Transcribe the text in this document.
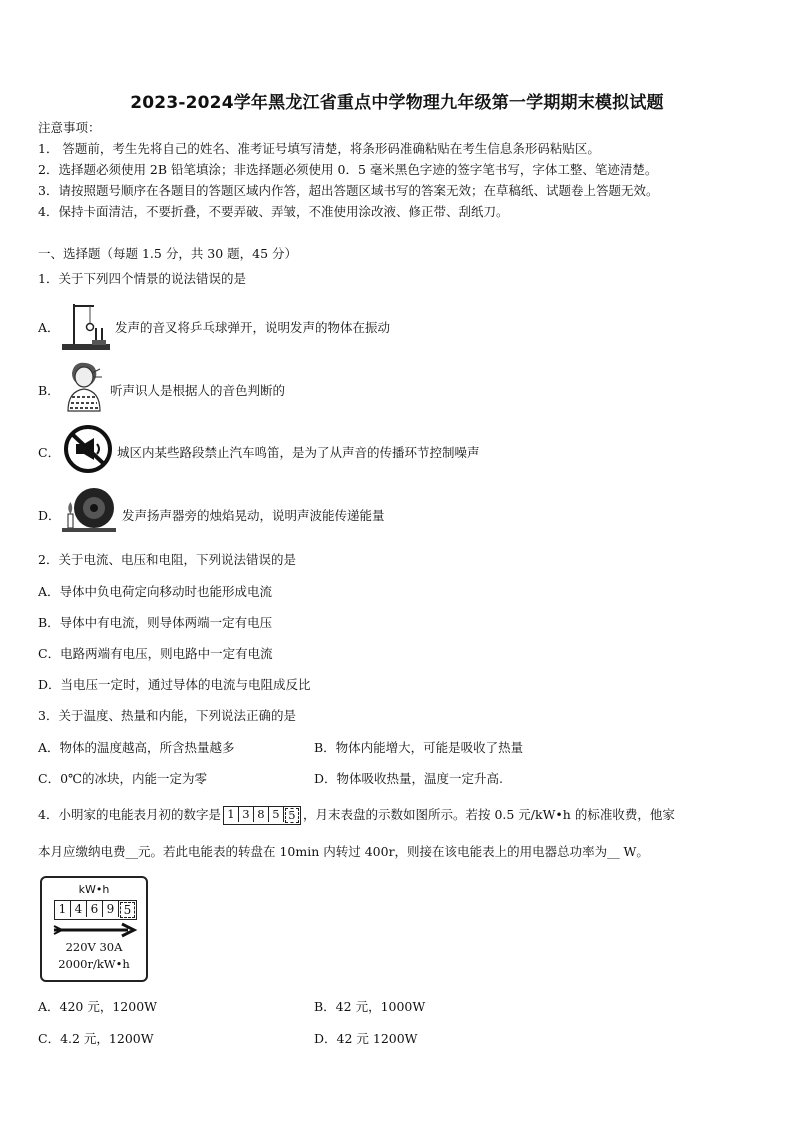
2023-2024学年黑龙江省重点中学物理九年级第一学期期末模拟试题
注意事项：
1． 答题前，考生先将自己的姓名、准考证号填写清楚，将条形码准确粘贴在考生信息条形码粘贴区。
2．选择题必须使用 2B 铅笔填涂；非选择题必须使用 0．5 毫米黑色字迹的签字笔书写，字体工整、笔迹清楚。
3．请按照题号顺序在各题目的答题区域内作答，超出答题区域书写的答案无效；在草稿纸、试题卷上答题无效。
4．保持卡面清洁，不要折叠，不要弄破、弄皱，不准使用涂改液、修正带、刮纸刀。
一、选择题（每题 1.5 分，共 30 题，45 分）
1．关于下列四个情景的说法错误的是
A．	发声的音叉将乒乓球弹开，说明发声的物体在振动
B．	听声识人是根据人的音色判断的
C．	城区内某些路段禁止汽车鸣笛，是为了从声音的传播环节控制噪声
D．	发声扬声器旁的烛焰晃动，说明声波能传递能量
2．关于电流、电压和电阻，下列说法错误的是
A．导体中负电荷定向移动时也能形成电流
B．导体中有电流，则导体两端一定有电压
C．电路两端有电压，则电路中一定有电流
D．当电压一定时，通过导体的电流与电阻成反比
3．关于温度、热量和内能，下列说法正确的是
A．物体的温度越高，所含热量越多	B．物体内能增大，可能是吸收了热量
C．0℃的冰块，内能一定为零	D．物体吸收热量，温度一定升高.
4．小明家的电能表月初的数字是 1 3 8 5 5 ，月末表盘的示数如图所示。若按 0.5 元/kW•h 的标准收费，他家
本月应缴纳电费__元。若此电能表的转盘在 10min 内转过 400r，则接在该电能表上的用电器总功率为__ W。
kW•h
1 4 6 9 5
220V 30A
2000r/kW•h
A．420 元，1200W	B．42 元，1000W
C．4.2 元，1200W	D．42 元 1200W
